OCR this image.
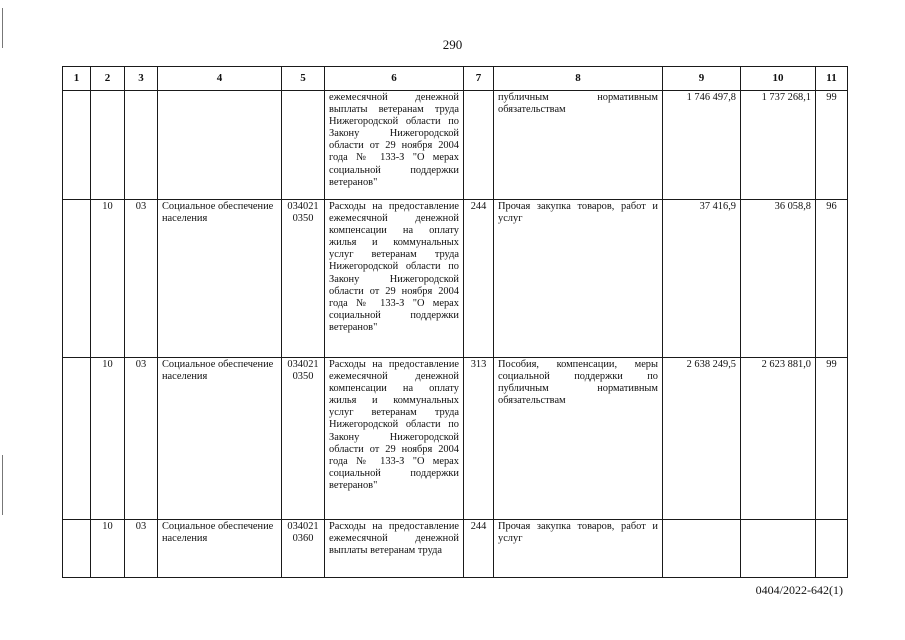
290
1	2	3	4	5	6	7	8	9	10	11
					ежемесячной денежной выплаты ветеранам труда Нижегородской области по Закону Нижегородской области от 29 ноября 2004 года № 133-З "О мерах социальной поддержки ветеранов"		публичным нормативным обязательствам	1 746 497,8	1 737 268,1	99
	10	03	Социальное обеспечение населения	034021 0350	Расходы на предоставление ежемесячной денежной компенсации на оплату жилья и коммунальных услуг ветеранам труда Нижегородской области по Закону Нижегородской области от 29 ноября 2004 года № 133-З "О мерах социальной поддержки ветеранов"	244	Прочая закупка товаров, работ и услуг	37 416,9	36 058,8	96
	10	03	Социальное обеспечение населения	034021 0350	Расходы на предоставление ежемесячной денежной компенсации на оплату жилья и коммунальных услуг ветеранам труда Нижегородской области по Закону Нижегородской области от 29 ноября 2004 года № 133-З "О мерах социальной поддержки ветеранов"	313	Пособия, компенсации, меры социальной поддержки по публичным нормативным обязательствам	2 638 249,5	2 623 881,0	99
	10	03	Социальное обеспечение населения	034021 0360	Расходы на предоставление ежемесячной денежной выплаты ветеранам труда	244	Прочая закупка товаров, работ и услуг			
0404/2022-642(1)
